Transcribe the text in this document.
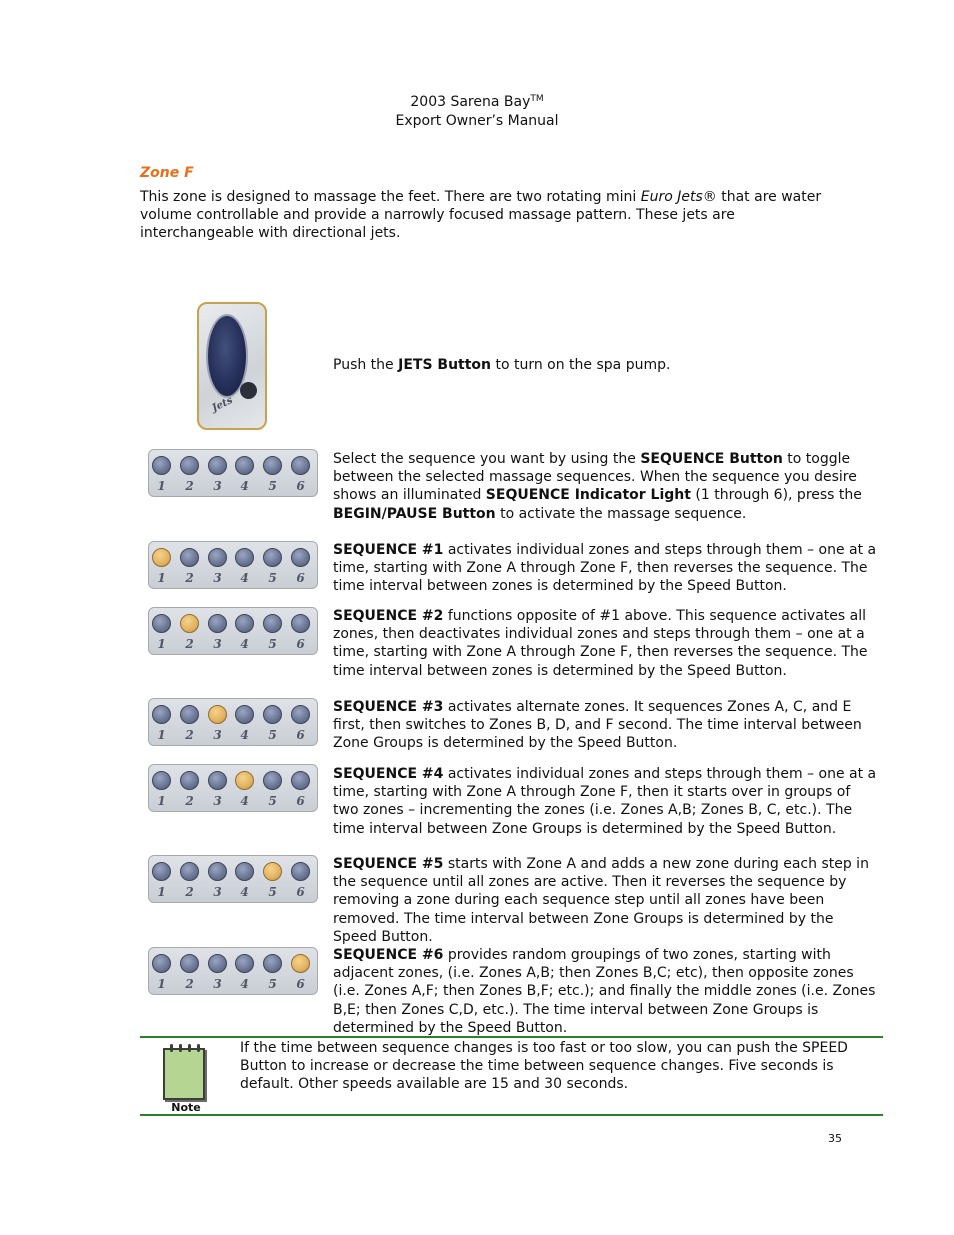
2003 Sarena Bay™
Export Owner’s Manual
Zone F
This zone is designed to massage the feet. There are two rotating mini Euro Jets® that are water volume controllable and provide a narrowly focused massage pattern. These jets are interchangeable with directional jets.
Jets
Push the JETS Button to turn on the spa pump.
1	2	3	4	5	6
1	2	3	4	5	6
1	2	3	4	5	6
1	2	3	4	5	6
1	2	3	4	5	6
1	2	3	4	5	6
1	2	3	4	5	6
Select the sequence you want by using the SEQUENCE Button to toggle between the selected massage sequences. When the sequence you desire shows an illuminated SEQUENCE Indicator Light (1 through 6), press the BEGIN/PAUSE Button to activate the massage sequence.
SEQUENCE #1 activates individual zones and steps through them – one at a time, starting with Zone A through Zone F, then reverses the sequence. The time interval between zones is determined by the Speed Button.
SEQUENCE #2 functions opposite of #1 above. This sequence activates all zones, then deactivates individual zones and steps through them – one at a time, starting with Zone A through Zone F, then reverses the sequence. The time interval between zones is determined by the Speed Button.
SEQUENCE #3 activates alternate zones. It sequences Zones A, C, and E first, then switches to Zones B, D, and F second. The time interval between Zone Groups is determined by the Speed Button.
SEQUENCE #4 activates individual zones and steps through them – one at a time, starting with Zone A through Zone F, then it starts over in groups of two zones – incrementing the zones (i.e. Zones A,B; Zones B, C, etc.). The time interval between Zone Groups is determined by the Speed Button.
SEQUENCE #5 starts with Zone A and adds a new zone during each step in the sequence until all zones are active. Then it reverses the sequence by removing a zone during each sequence step until all zones have been removed. The time interval between Zone Groups is determined by the Speed Button.
SEQUENCE #6 provides random groupings of two zones, starting with adjacent zones, (i.e. Zones A,B; then Zones B,C; etc), then opposite zones (i.e. Zones A,F; then Zones B,F; etc.); and finally the middle zones (i.e. Zones B,E; then Zones C,D, etc.). The time interval between Zone Groups is determined by the Speed Button.
Note
If the time between sequence changes is too fast or too slow, you can push the SPEED Button to increase or decrease the time between sequence changes. Five seconds is default. Other speeds available are 15 and 30 seconds.
35
